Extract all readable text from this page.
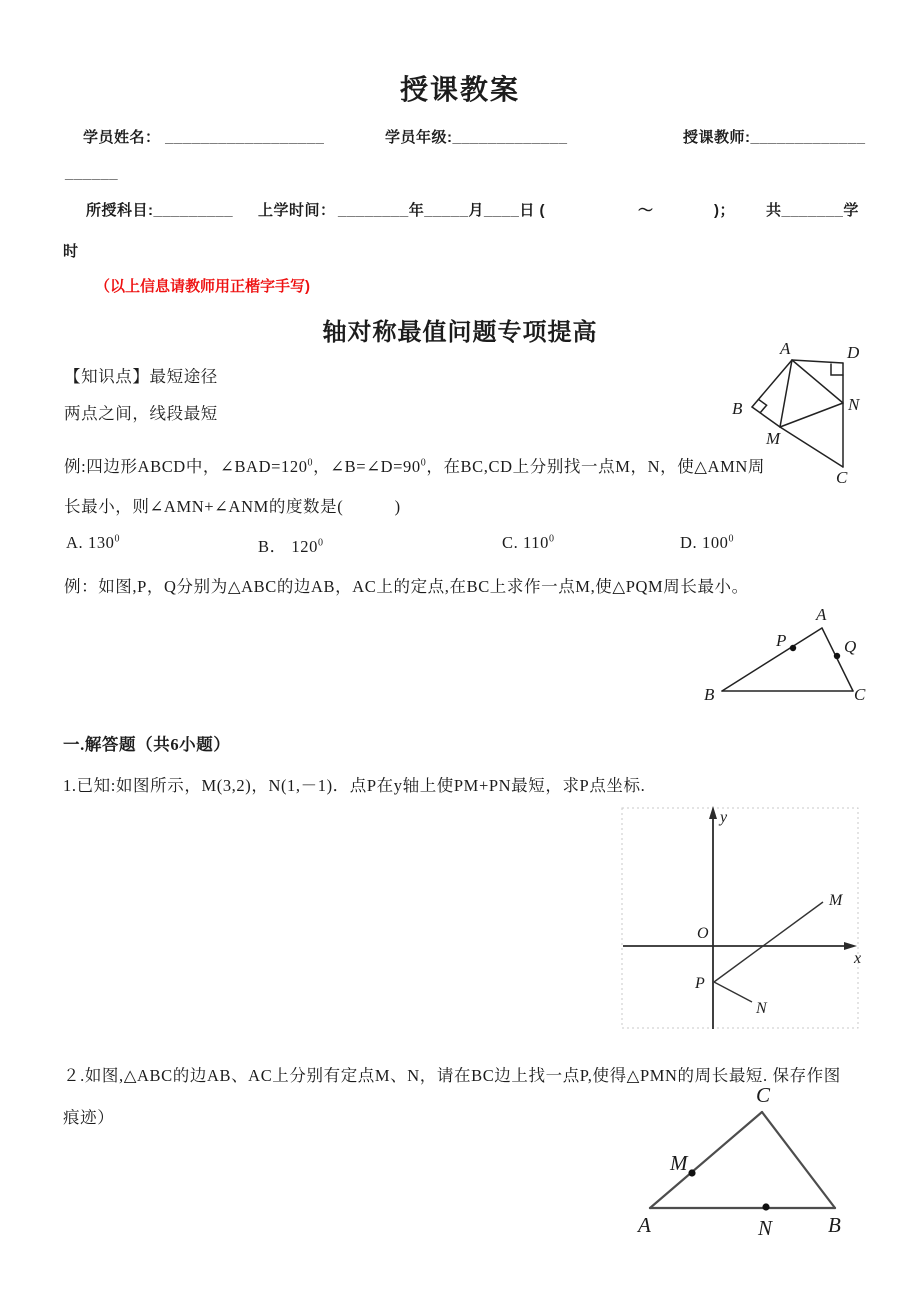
授课教案
学员姓名： __________________	学员年级:_____________	授课教师:_____________
______
所授科目:_________ 上学时间： ________年_____月____日 (	～	)； 共_______学
时
（以上信息请教师用正楷字手写)
轴对称最值问题专项提高
【知识点】最短途径
两点之间，线段最短
例:四边形ABCD中，$\angle BAD=120^0$，$\angle B=\angle D=90^0$，在BC,CD上分别找一点M，N，使△AMN周
长最小，则∠AMN+∠ANM的度数是(　　　)
A. $130^0$	B． $120^0$	C. $110^0$	D. $100^0$
例：如图,P，Q分别为△ABC的边AB，AC上的定点,在BC上求作一点M,使△PQM周长最小。
一.解答题（共6小题）
1.已知:如图所示，M(3,2)，N(1,－1)．点P在y轴上使PM+PN最短，求P点坐标.
２.如图,△ABC的边AB、AC上分别有定点M、N，请在BC边上找一点P,使得△PMN的周长最短. 保存作图
痕迹）
A	D
B	N
M
C
A
B	C
P	Q
y
x
O
M
P
N
C
A	B
M
N
